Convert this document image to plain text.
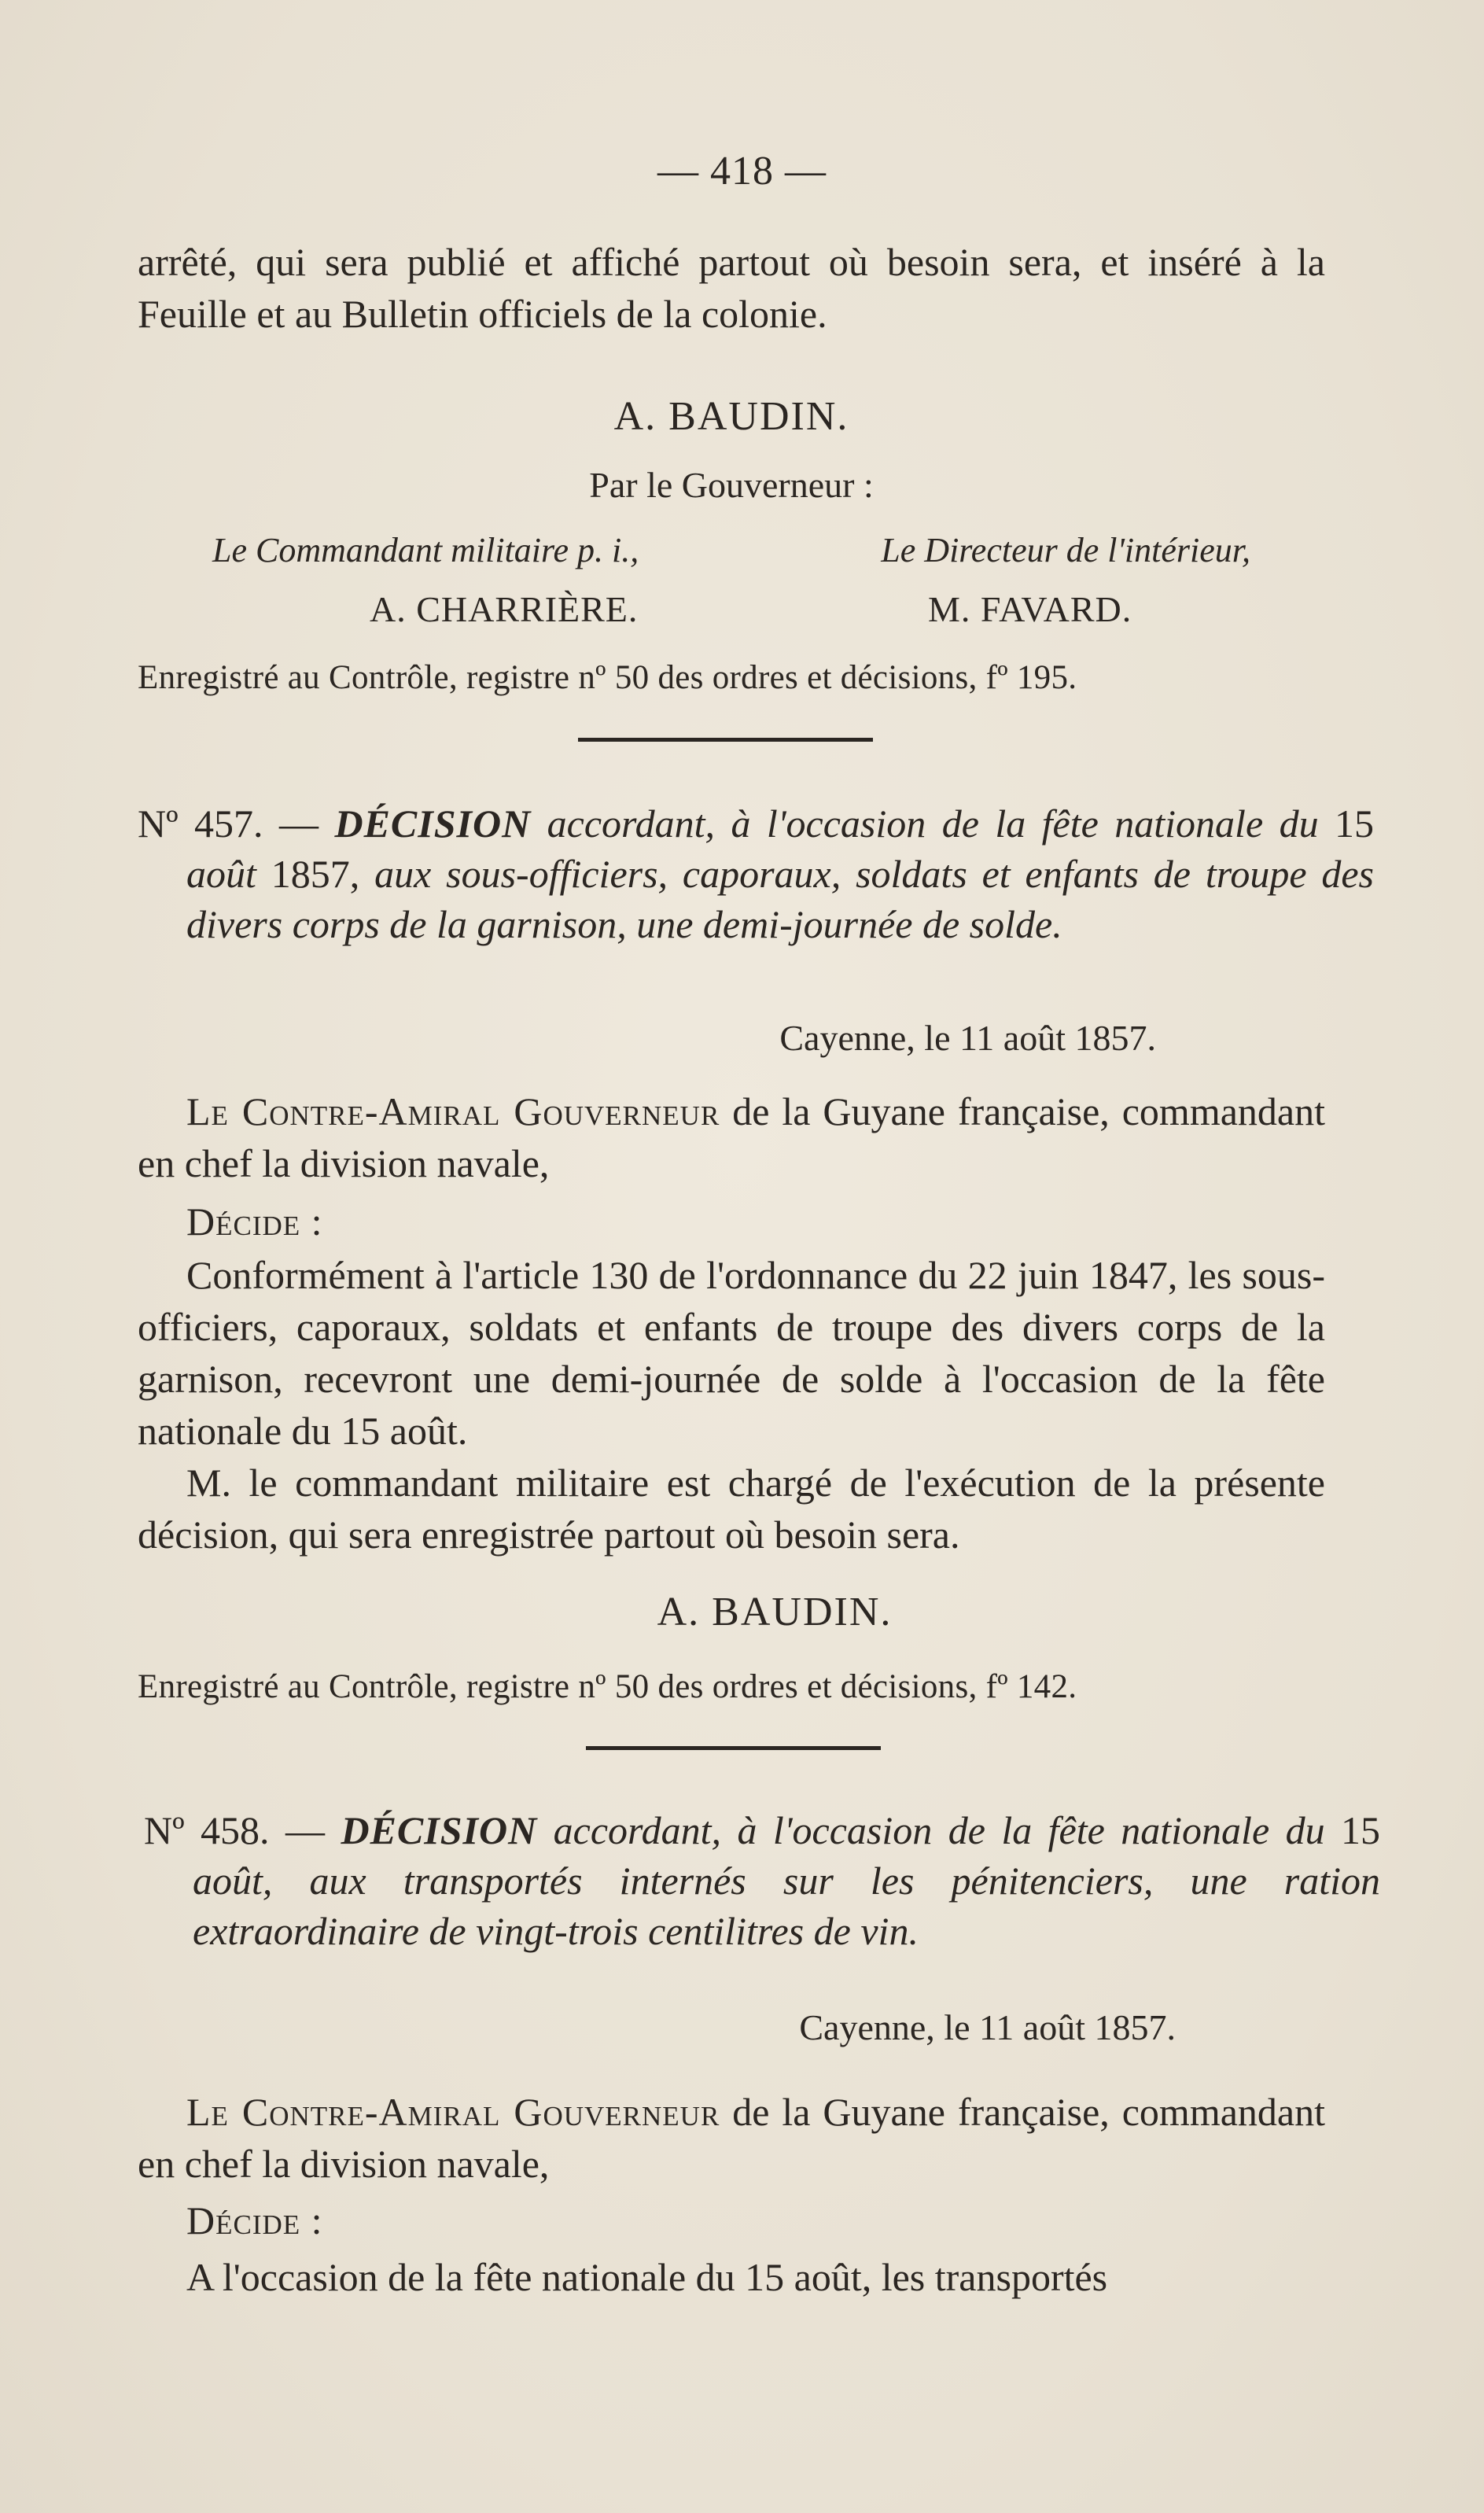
— 418 —

arrêté, qui sera publié et affiché partout où besoin sera, et inséré à la Feuille et au Bulletin officiels de la colonie.

A. BAUDIN.
Par le Gouverneur :
Le Commandant militaire p. i.,	Le Directeur de l'intérieur,
A. CHARRIÈRE.	M. FAVARD.
Enregistré au Contrôle, registre nº 50 des ordres et décisions, fº 195.
Nº 457. — DÉCISION accordant, à l'occasion de la fête nationale du 15 août 1857, aux sous-officiers, caporaux, soldats et enfants de troupe des divers corps de la garnison, une demi-journée de solde.
Cayenne, le 11 août 1857.

Le Contre-Amiral Gouverneur de la Guyane française, commandant en chef la division navale,

Décide :

Conformément à l'article 130 de l'ordonnance du 22 juin 1847, les sous-officiers, caporaux, soldats et enfants de troupe des divers corps de la garnison, recevront une demi-journée de solde à l'occasion de la fête nationale du 15 août.

M. le commandant militaire est chargé de l'exécution de la présente décision, qui sera enregistrée partout où besoin sera.

A. BAUDIN.
Enregistré au Contrôle, registre nº 50 des ordres et décisions, fº 142.
Nº 458. — DÉCISION accordant, à l'occasion de la fête nationale du 15 août, aux transportés internés sur les pénitenciers, une ration extraordinaire de vingt-trois centilitres de vin.
Cayenne, le 11 août 1857.

Le Contre-Amiral Gouverneur de la Guyane française, commandant en chef la division navale,

Décide :

A l'occasion de la fête nationale du 15 août, les transportés
